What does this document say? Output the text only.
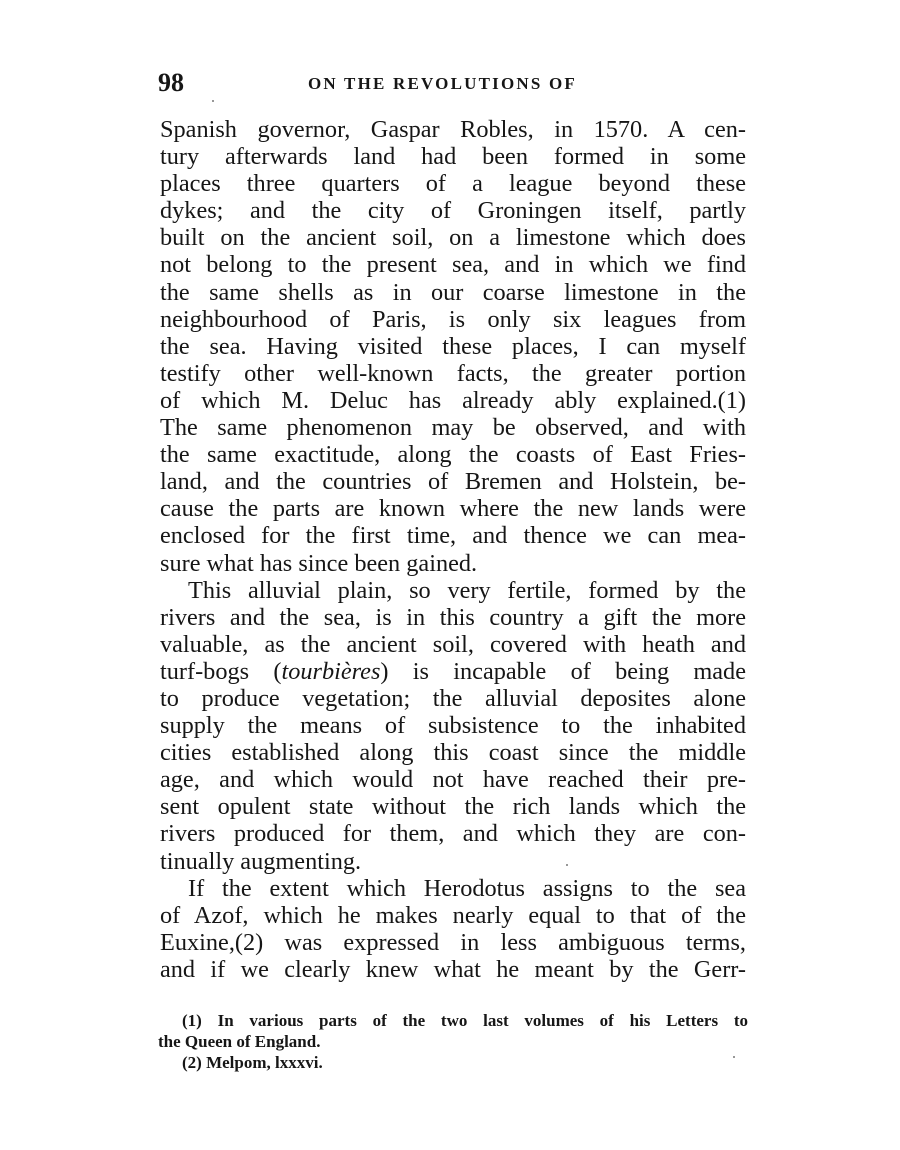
98	ON THE REVOLUTIONS OF
Spanish governor, Gaspar Robles, in 1570. A cen-
tury afterwards land had been formed in some
places three quarters of a league beyond these
dykes; and the city of Groningen itself, partly
built on the ancient soil, on a limestone which does
not belong to the present sea, and in which we find
the same shells as in our coarse limestone in the
neighbourhood of Paris, is only six leagues from
the sea. Having visited these places, I can myself
testify other well-known facts, the greater portion
of which M. Deluc has already ably explained.(1)
The same phenomenon may be observed, and with
the same exactitude, along the coasts of East Fries-
land, and the countries of Bremen and Holstein, be-
cause the parts are known where the new lands were
enclosed for the first time, and thence we can mea-
sure what has since been gained.
This alluvial plain, so very fertile, formed by the
rivers and the sea, is in this country a gift the more
valuable, as the ancient soil, covered with heath and
turf-bogs (tourbières) is incapable of being made
to produce vegetation; the alluvial deposites alone
supply the means of subsistence to the inhabited
cities established along this coast since the middle
age, and which would not have reached their pre-
sent opulent state without the rich lands which the
rivers produced for them, and which they are con-
tinually augmenting.
If the extent which Herodotus assigns to the sea
of Azof, which he makes nearly equal to that of the
Euxine,(2) was expressed in less ambiguous terms,
and if we clearly knew what he meant by the Gerr-
(1) In various parts of the two last volumes of his Letters to
the Queen of England.
(2) Melpom, lxxxvi.
